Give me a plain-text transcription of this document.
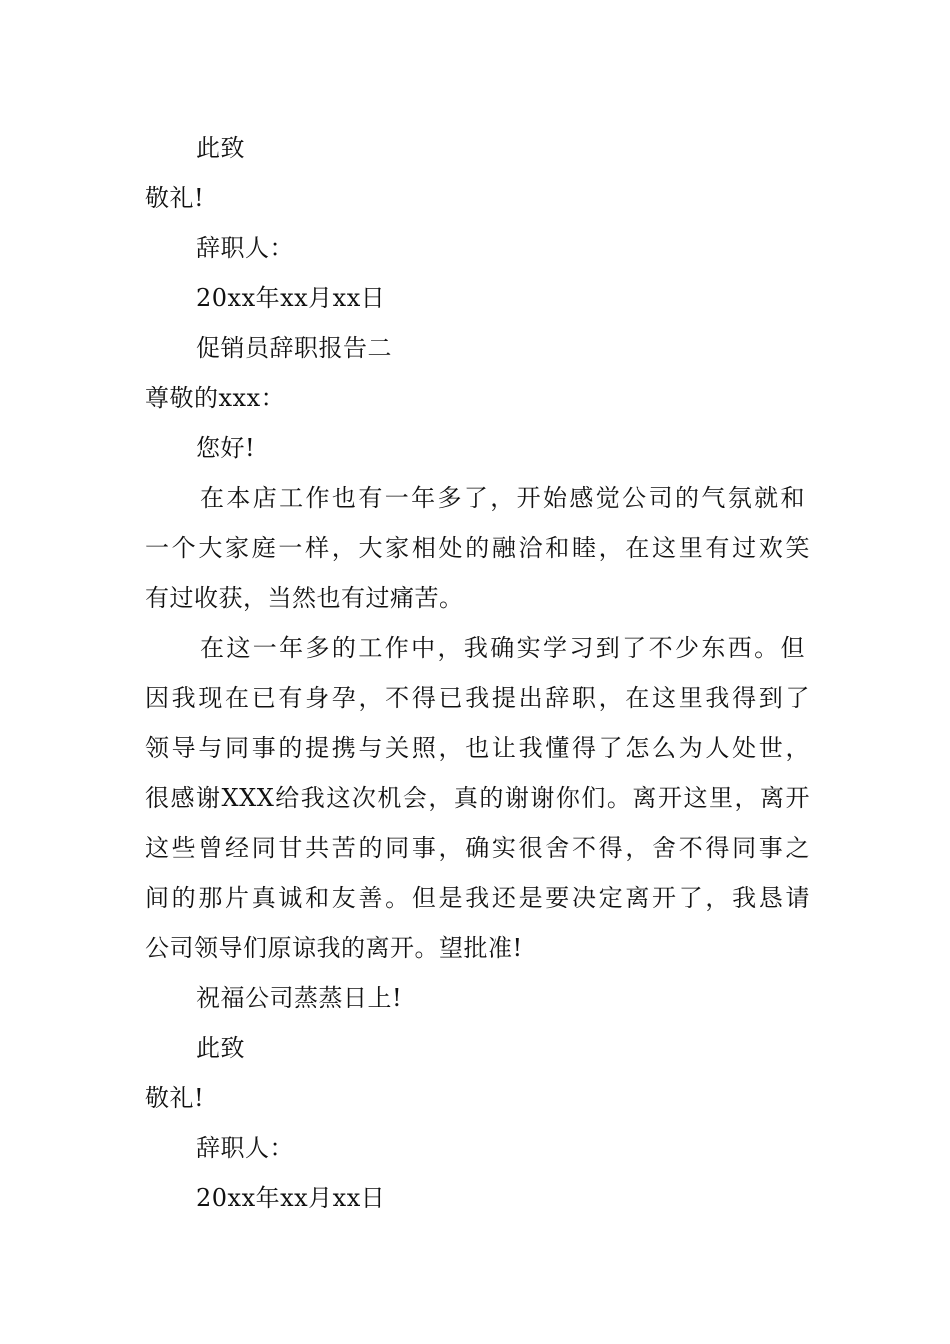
此致
敬礼!
辞职人：
20xx年xx月xx日
促销员辞职报告二
尊敬的xxx：
您好!
在本店工作也有一年多了，开始感觉公司的气氛就和
一个大家庭一样，大家相处的融洽和睦，在这里有过欢笑
有过收获，当然也有过痛苦。
在这一年多的工作中，我确实学习到了不少东西。但
因我现在已有身孕，不得已我提出辞职，在这里我得到了
领导与同事的提携与关照，也让我懂得了怎么为人处世，
很感谢XXX给我这次机会，真的谢谢你们。离开这里，离开
这些曾经同甘共苦的同事，确实很舍不得，舍不得同事之
间的那片真诚和友善。但是我还是要决定离开了，我恳请
公司领导们原谅我的离开。望批准!
祝福公司蒸蒸日上!
此致
敬礼!
辞职人：
20xx年xx月xx日
